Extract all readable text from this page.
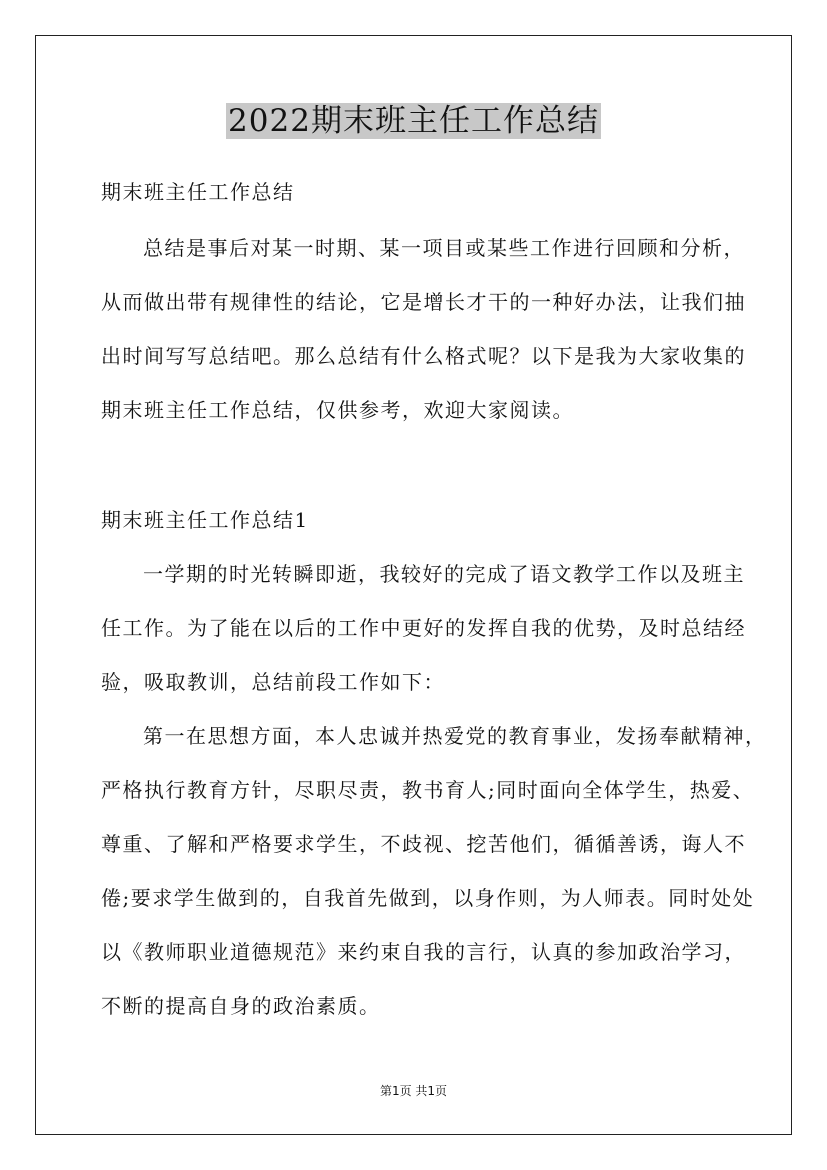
2022期末班主任工作总结
期末班主任工作总结
总结是事后对某一时期、某一项目或某些工作进行回顾和分析，
从而做出带有规律性的结论，它是增长才干的一种好办法，让我们抽
出时间写写总结吧。那么总结有什么格式呢？以下是我为大家收集的
期末班主任工作总结，仅供参考，欢迎大家阅读。
期末班主任工作总结1
一学期的时光转瞬即逝，我较好的完成了语文教学工作以及班主
任工作。为了能在以后的工作中更好的发挥自我的优势，及时总结经
验，吸取教训，总结前段工作如下：
第一在思想方面，本人忠诚并热爱党的教育事业，发扬奉献精神，
严格执行教育方针，尽职尽责，教书育人;同时面向全体学生，热爱、
尊重、了解和严格要求学生，不歧视、挖苦他们，循循善诱，诲人不
倦;要求学生做到的，自我首先做到，以身作则，为人师表。同时处处
以《教师职业道德规范》来约束自我的言行，认真的参加政治学习，
不断的提高自身的政治素质。
第1页 共1页
